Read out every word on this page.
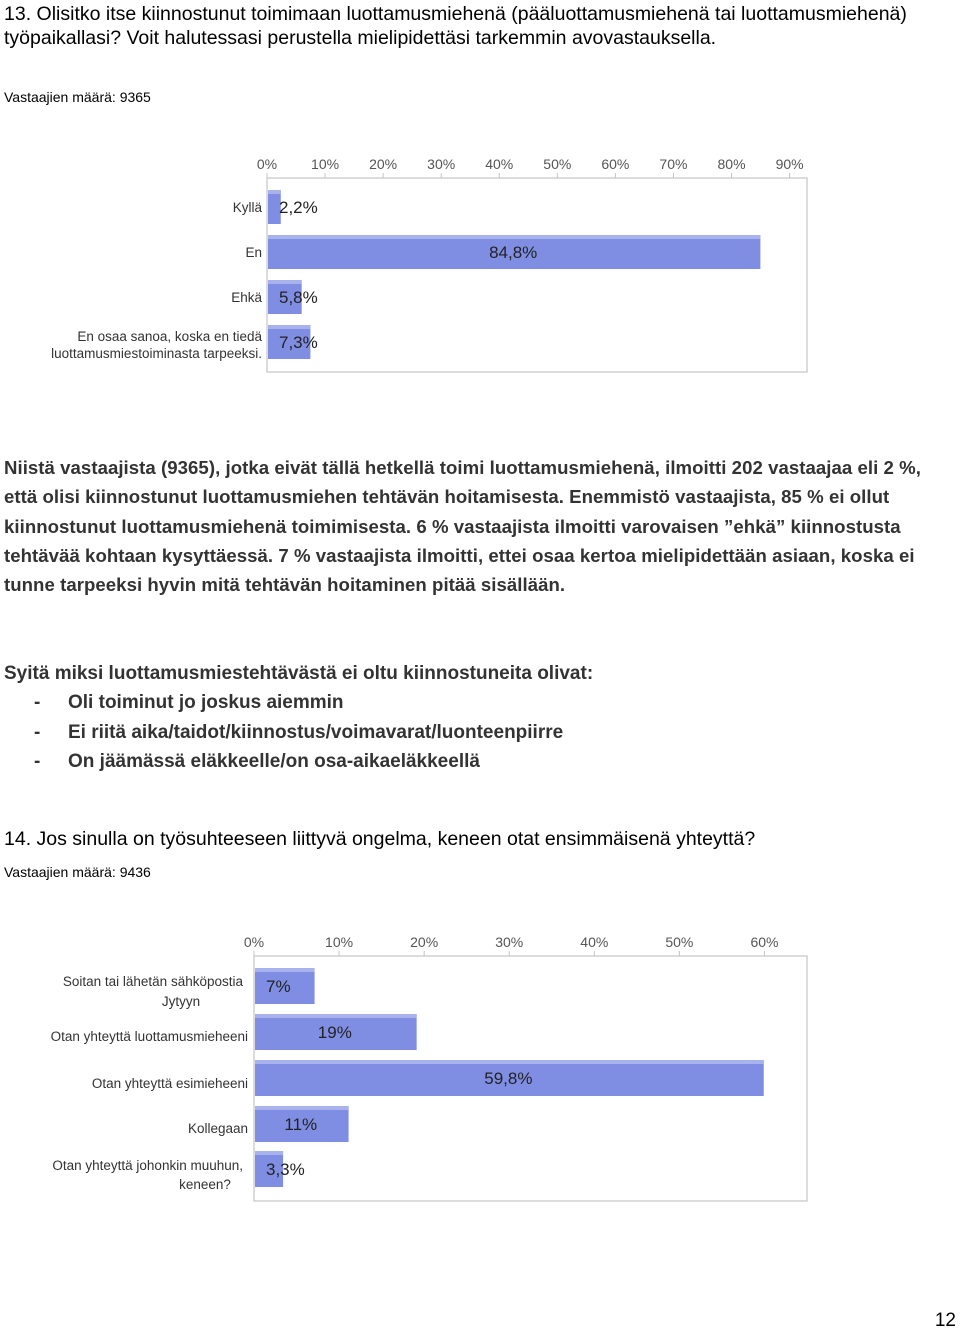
13. Olisitko itse kiinnostunut toimimaan luottamusmiehenä (pääluottamusmiehenä tai luottamusmiehenä) työpaikallasi? Voit halutessasi perustella mielipidettäsi tarkemmin avovastauksella.
Vastaajien määrä: 9365
0% 10% 20% 30% 40% 50% 60% 70% 80% 90%
2,2%
84,8%
5,8%
7,3%
Kyllä
En
Ehkä
En osaa sanoa, koska en tiedä
luottamusmiestoiminasta tarpeeksi.

Niistä vastaajista (9365), jotka eivät tällä hetkellä toimi luottamusmiehenä, ilmoitti 202 vastaajaa eli 2 %, että olisi kiinnostunut luottamusmiehen tehtävän hoitamisesta. Enemmistö vastaajista, 85 % ei ollut kiinnostunut luottamusmiehenä toimimisesta. 6 % vastaajista ilmoitti varovaisen ”ehkä” kiinnostusta tehtävää kohtaan kysyttäessä. 7 % vastaajista ilmoitti, ettei osaa kertoa mielipidettään asiaan, koska ei tunne tarpeeksi hyvin mitä tehtävän hoitaminen pitää sisällään.

Syitä miksi luottamusmiestehtävästä ei oltu kiinnostuneita olivat:

- Oli toiminut jo joskus aiemmin
- Ei riitä aika/taidot/kiinnostus/voimavarat/luonteenpiirre
- On jäämässä eläkkeelle/on osa-aikaeläkkeellä
14. Jos sinulla on työsuhteeseen liittyvä ongelma, keneen otat ensimmäisenä yhteyttä?
Vastaajien määrä: 9436
0%	10%	20%	30%	40%	50%	60%
7%
19%
59,8%
11%
3,3%
Soitan tai lähetän sähköpostia
Jytyyn
Otan yhteyttä luottamusmieheeni
Otan yhteyttä esimieheeni
Kollegaan
Otan yhteyttä johonkin muuhun,
keneen?
12
